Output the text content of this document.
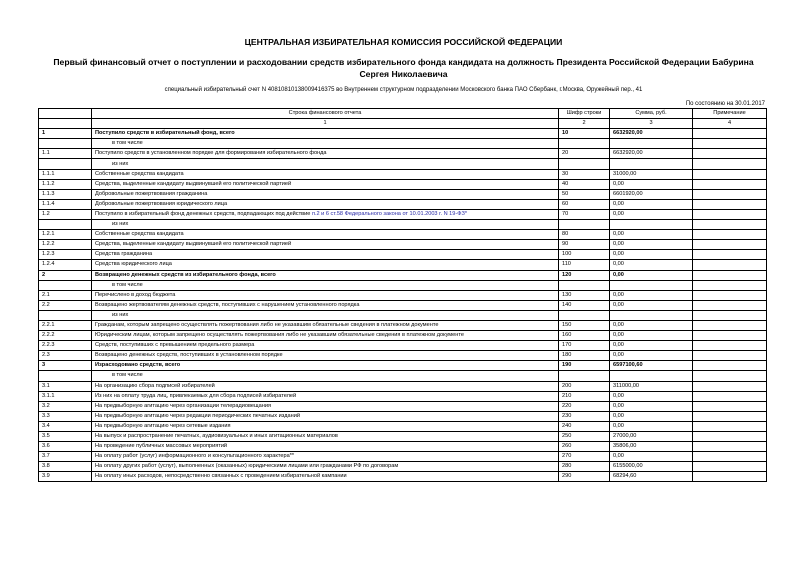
ЦЕНТРАЛЬНАЯ ИЗБИРАТЕЛЬНАЯ КОМИССИЯ РОССИЙСКОЙ ФЕДЕРАЦИИ
Первый финансовый отчет о поступлении и расходовании средств избирательного фонда кандидата на должность Президента Российской Федерации Бабурина
Сергея Николаевича
специальный избирательный счет N 40810810138009416375 во Внутреннем структурном подразделении Московского банка ПАО Сбербанк, г.Москва, Оружейный пер., 41
По состоянию на 30.01.2017
	Строка финансового отчета	Шифр строки	Сумма, руб.	Примечание
	1	2	3	4
1	Поступило средств в избирательный фонд, всего	10	6632920,00	
	в том числе			
1.1	Поступило средств в установленном порядке для формирования избирательного фонда	20	6632920,00	
	из них			
1.1.1	Собственные средства кандидата	30	31000,00	
1.1.2	Средства, выделенные кандидату выдвинувшей его политической партией	40	0,00	
1.1.3	Добровольные пожертвования гражданина	50	6601920,00	
1.1.4	Добровольные пожертвования юридического лица	60	0,00	
1.2	Поступило в избирательный фонд денежных средств, подпадающих под действие п.2 и 6 ст.58 Федерального закона от 10.01.2003 г. N 19-ФЗ*	70	0,00	
	из них			
1.2.1	Собственные средства кандидата	80	0,00	
1.2.2	Средства, выделенные кандидату выдвинувшей его политической партией	90	0,00	
1.2.3	Средства гражданина	100	0,00	
1.2.4	Средства юридического лица	110	0,00	
2	Возвращено денежных средств из избирательного фонда, всего	120	0,00	
	в том числе			
2.1	Перечислено в доход бюджета	130	0,00	
2.2	Возвращено жертвователям денежных средств, поступивших с нарушением установленного порядка	140	0,00	
	из них			
2.2.1	Гражданам, которым запрещено осуществлять пожертвования либо не указавшим обязательные сведения в платежном документе	150	0,00	
2.2.2	Юридическим лицам, которым запрещено осуществлять пожертвования либо не указавшим обязательные сведения в платежном документе	160	0,00	
2.2.3	Средств, поступивших с превышением предельного размера	170	0,00	
2.3	Возвращено денежных средств, поступивших в установленном порядке	180	0,00	
3	Израсходовано средств, всего	190	6597100,60	
	в том числе			
3.1	На организацию сбора подписей избирателей	200	311000,00	
3.1.1	Из них на оплату труда лиц, привлекаемых для сбора подписей избирателей	210	0,00	
3.2	На предвыборную агитацию через организации телерадиовещания	220	0,00	
3.3	На предвыборную агитацию через редакции периодических печатных изданий	230	0,00	
3.4	На предвыборную агитацию через сетевые издания	240	0,00	
3.5	На выпуск и распространение печатных, аудиовизуальных и иных агитационных материалов	250	27000,00	
3.6	На проведение публичных массовых мероприятий	260	35806,00	
3.7	На оплату работ (услуг) информационного и консультационного характера**	270	0,00	
3.8	На оплату других работ (услуг), выполненных (оказанных) юридическими лицами или гражданами РФ по договорам	280	6155000,00	
3.9	На оплату иных расходов, непосредственно связанных с проведением избирательной кампании	290	68294,60	
